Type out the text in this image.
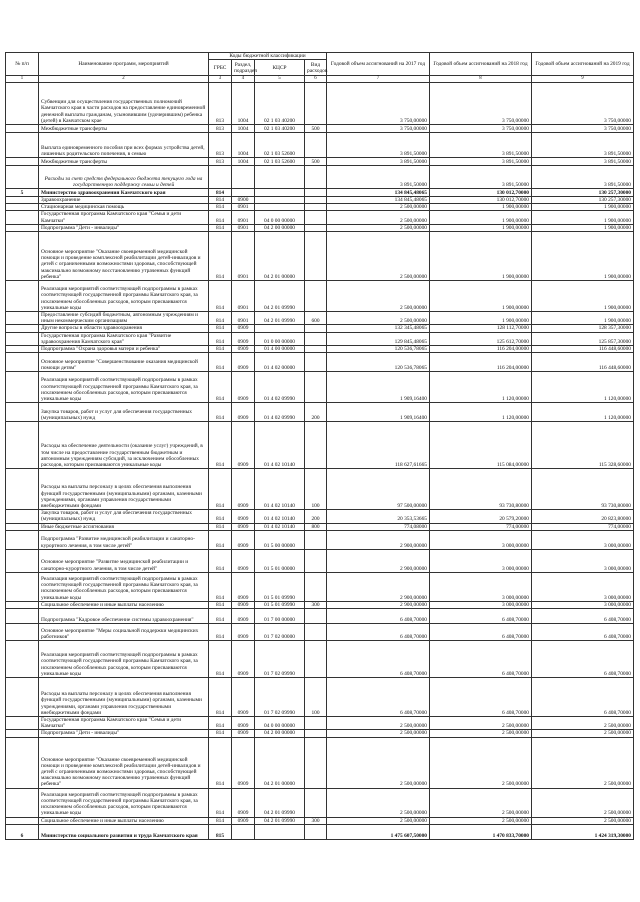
№ п/п	Наименование программ, мероприятий	Коды бюджетной классификации				Годовой объем ассигнований на 2017 год	Годовой объем ассигнований на 2018 год	Годовой объем ассигнований на 2019 год
		ГРБС	Раздел, подраздел	КЦСР	Вид расходов			
1	2	3	4	5	6	7	8	9
	Субвенции для осуществления государственных полномочий Камчатского края в части расходов на предоставление единовременной денежной выплаты гражданам, усыновившим (удочерившим) ребенка (детей) в Камчатском крае	813	1004	02 1 03 40200		3 750,00000	3 750,00000	3 750,00000
	Межбюджетные трансферты	813	1004	02 1 03 40200	500	3 750,00000	3 750,00000	3 750,00000
	Выплата единовременного пособия при всех формах устройства детей, лишенных родительского попечения, в семью	813	1004	02 1 03 52600		3 891,50000	3 891,50000	3 891,50000
	Межбюджетные трансферты	813	1004	02 1 03 52600	500	3 891,50000	3 891,50000	3 891,50000
	Расходы за счет средств федерального бюджета текущего года на государственную поддержку семьи и детей					3 891,50000	3 891,50000	3 891,50000
5	Министерство здравоохранения Камчатского края	814				134 845,48065	130 012,70000	130 257,30000
	Здравоохранение	814	0900			134 845,48065	130 012,70000	130 257,30000
	Стационарная медицинская помощь	814	0901			2 500,00000	1 900,00000	1 900,00000
	Государственная программа Камчатского края "Семья и дети Камчатки"	814	0901	04 0 00 00000		2 500,00000	1 900,00000	1 900,00000
	Подпрограмма "Дети - инвалиды"	814	0901	04 2 00 00000		2 500,00000	1 900,00000	1 900,00000
	Основное мероприятие "Оказание своевременной медицинской помощи и проведение комплексной реабилитации детей-инвалидов и детей с ограниченными возможностями здоровья, способствующей максимально возможному восстановлению утраченных функций ребенка"	814	0901	04 2 01 00000		2 500,00000	1 900,00000	1 900,00000
	Реализация мероприятий соответствующей подпрограммы в рамках соответствующей государственной программы Камчатского края, за исключением обособленных расходов, которым присваиваются уникальные коды	814	0901	04 2 01 09990		2 500,00000	1 900,00000	1 900,00000
	Предоставление субсидий бюджетным, автономным учреждениям и иным некоммерческим организациям	814	0901	04 2 01 09990	600	2 500,00000	1 900,00000	1 900,00000
	Другие вопросы в области здравоохранения	814	0909			132 345,48065	128 112,70000	128 357,30000
	Государственная программа Камчатского края "Развитие здравоохранения Камчатского края"	814	0909	01 0 00 00000		129 845,48065	125 612,70000	125 857,30000
	Подпрограмма "Охрана здоровья матери и ребенка"	814	0909	01 4 00 00000		120 536,78065	116 204,00000	116 448,60000
	Основное мероприятие "Совершенствование оказания медицинской помощи детям"	814	0909	01 4 02 00000		120 536,78065	116 204,00000	116 448,60000
	Реализация мероприятий соответствующей подпрограммы в рамках соответствующей государственной программы Камчатского края, за исключением обособленных расходов, которым присваиваются уникальные коды	814	0909	01 4 02 09990		1 909,16400	1 120,00000	1 120,00000
	Закупка товаров, работ и услуг для обеспечения государственных (муниципальных) нужд	814	0909	01 4 02 09990	200	1 909,16400	1 120,00000	1 120,00000
	Расходы на обеспечение деятельности (оказание услуг) учреждений, в том числе на предоставление государственным бюджетным и автономным учреждениям субсидий, за исключением обособленных расходов, которым присваиваются уникальные коды	814	0909	01 4 02 10140		118 627,61665	115 084,00000	115 328,60000
	Расходы на выплаты персоналу в целях обеспечения выполнения функций государственными (муниципальными) органами, казенными учреждениями, органами управления государственными внебюджетными фондами	814	0909	01 4 02 10140	100	97 500,00000	93 730,80000	93 730,80000
	Закупка товаров, работ и услуг для обеспечения государственных (муниципальных) нужд	814	0909	01 4 02 10140	200	20 353,53665	20 579,20000	20 823,80000
	Иные бюджетные ассигнования	814	0909	01 4 02 10140	800	774,08000	774,00000	774,00000
	Подпрограмма "Развитие медицинской реабилитации и санаторно-курортного лечения, в том числе детей"	814	0909	01 5 00 00000		2 900,00000	3 000,00000	3 000,00000
	Основное мероприятие "Развитие медицинской реабилитации и санаторно-курортного лечения, в том числе детей"	814	0909	01 5 01 00000		2 900,00000	3 000,00000	3 000,00000
	Реализация мероприятий соответствующей подпрограммы в рамках соответствующей государственной программы Камчатского края, за исключением обособленных расходов, которым присваиваются уникальные коды	814	0909	01 5 01 09990		2 900,00000	3 000,00000	3 000,00000
	Социальное обеспечение и иные выплаты населению	814	0909	01 5 01 09990	300	2 900,00000	3 000,00000	3 000,00000
	Подпрограмма "Кадровое обеспечение системы здравоохранения"	814	0909	01 7 00 00000		6 408,70000	6 408,70000	6 408,70000
	Основное мероприятие "Меры социальной поддержки медицинских работников"	814	0909	01 7 02 00000		6 408,70000	6 408,70000	6 408,70000
	Реализация мероприятий соответствующей подпрограммы в рамках соответствующей государственной программы Камчатского края, за исключением обособленных расходов, которым присваиваются уникальные коды	814	0909	01 7 02 09990		6 408,70000	6 408,70000	6 408,70000
	Расходы на выплаты персоналу в целях обеспечения выполнения функций государственными (муниципальными) органами, казенными учреждениями, органами управления государственными внебюджетными фондами	814	0909	01 7 02 09990	100	6 408,70000	6 408,70000	6 408,70000
	Государственная программа Камчатского края "Семья и дети Камчатки"	814	0909	04 0 00 00000		2 500,00000	2 500,00000	2 500,00000
	Подпрограмма "Дети - инвалиды"	814	0909	04 2 00 00000		2 500,00000	2 500,00000	2 500,00000
	Основное мероприятие "Оказание своевременной медицинской помощи и проведение комплексной реабилитации детей-инвалидов и детей с ограниченными возможностями здоровья, способствующей максимально возможному восстановлению утраченных функций ребенка"	814	0909	04 2 01 00000		2 500,00000	2 500,00000	2 500,00000
	Реализация мероприятий соответствующей подпрограммы в рамках соответствующей государственной программы Камчатского края, за исключением обособленных расходов, которым присваиваются уникальные коды	814	0909	04 2 01 09990		2 500,00000	2 500,00000	2 500,00000
	Социальное обеспечение и иные выплаты населению	814	0909	04 2 01 09990	300	2 500,00000	2 500,00000	2 500,00000
6	Министерство социального развития и труда Камчатского края	815				1 475 607,50000	1 470 833,70000	1 424 319,30000
